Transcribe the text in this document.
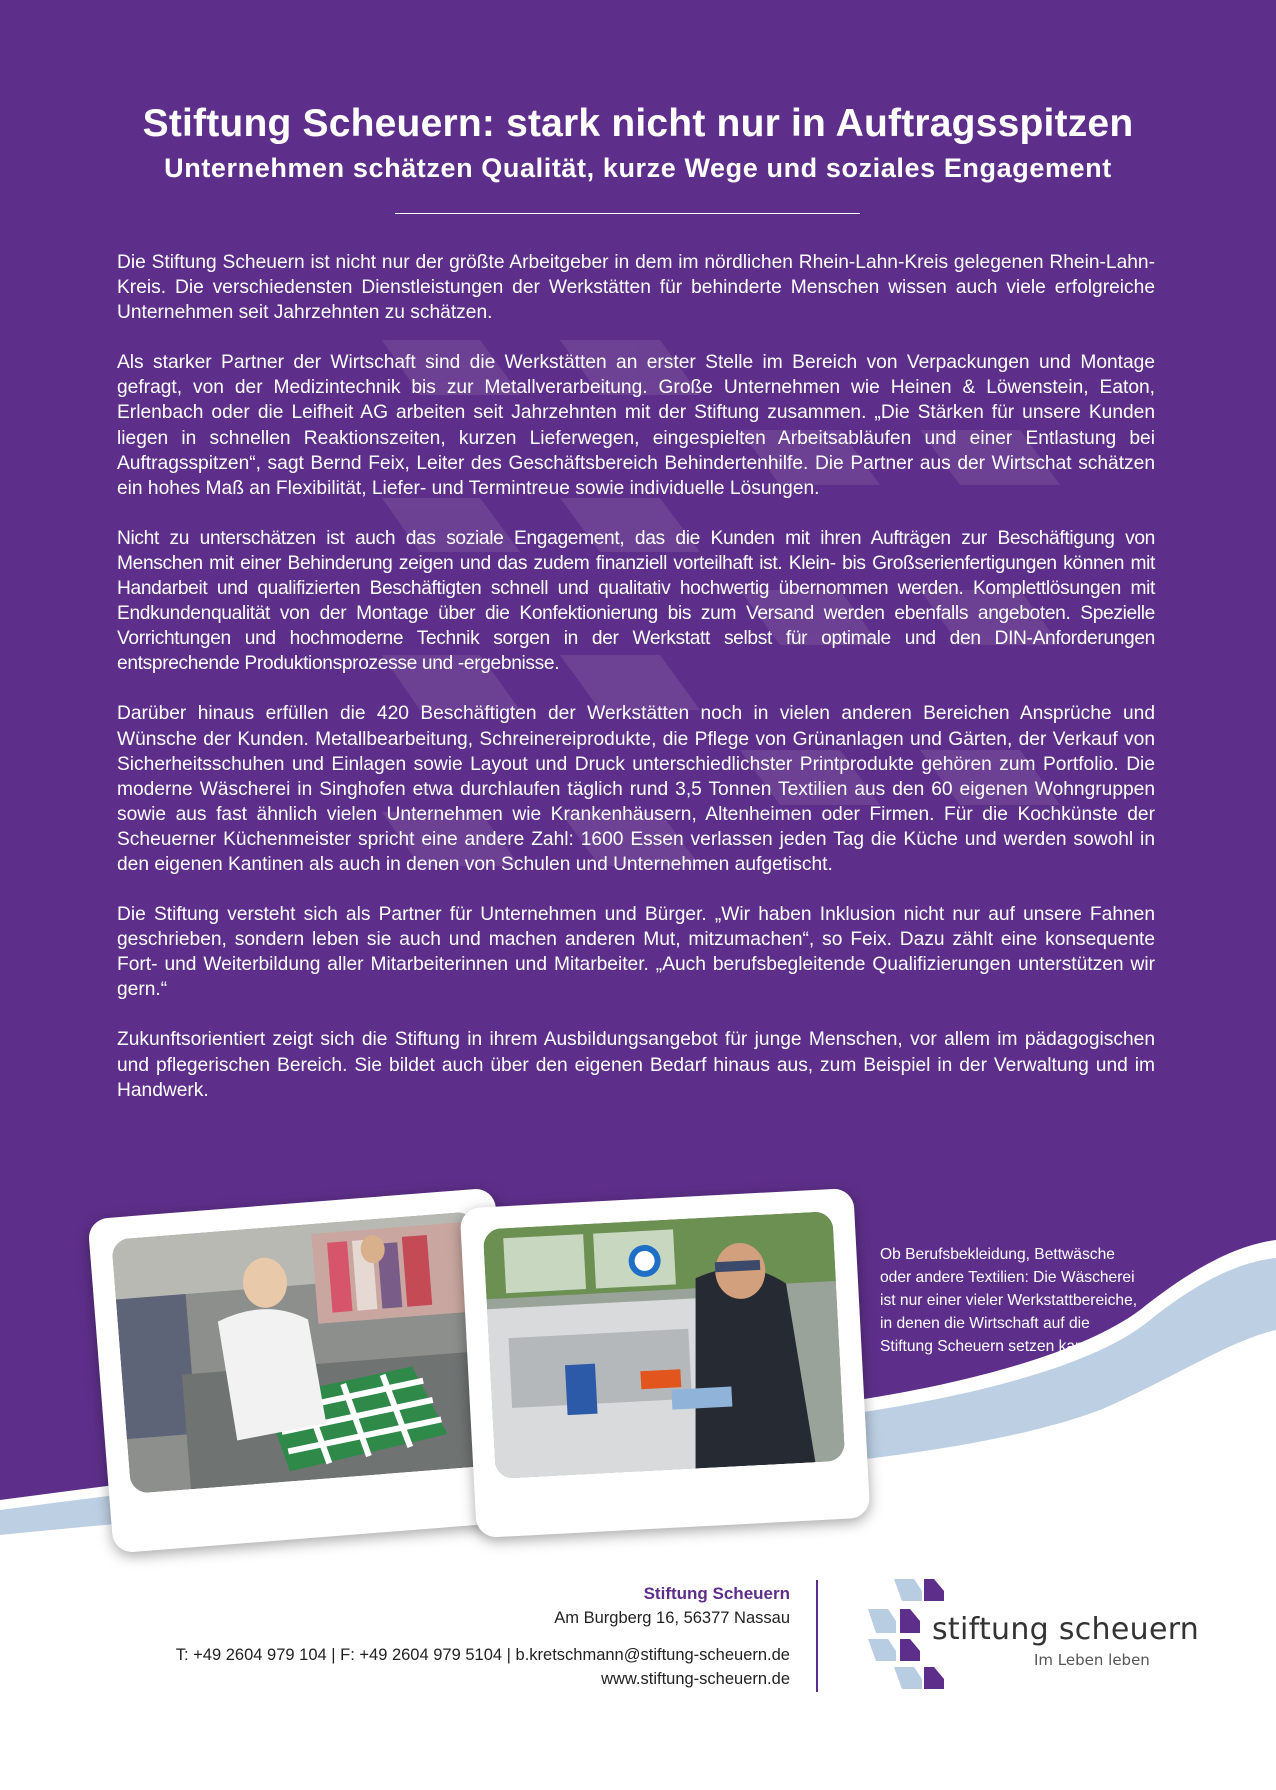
Stiftung Scheuern: stark nicht nur in Auftragsspitzen
Unternehmen schätzen Qualität, kurze Wege und soziales Engagement

Die Stiftung Scheuern ist nicht nur der größte Arbeitgeber in dem im nördlichen Rhein-Lahn-Kreis gelegenen Rhein-Lahn-Kreis. Die verschiedensten Dienstleistungen der Werkstätten für behinderte Menschen wissen auch viele erfolgreiche Unternehmen seit Jahrzehnten zu schätzen.

Als starker Partner der Wirtschaft sind die Werkstätten an erster Stelle im Bereich von Verpackungen und Montage gefragt, von der Medizintechnik bis zur Metallverarbeitung. Große Unternehmen wie Heinen & Löwenstein, Eaton, Erlenbach oder die Leifheit AG arbeiten seit Jahrzehnten mit der Stiftung zusammen. „Die Stärken für unsere Kunden liegen in schnellen Reaktionszeiten, kurzen Lieferwegen, eingespielten Arbeitsabläufen und einer Entlastung bei Auftragsspitzen“, sagt Bernd Feix, Leiter des Geschäftsbereich Behindertenhilfe. Die Partner aus der Wirtschat schätzen ein hohes Maß an Flexibilität, Liefer- und Termintreue sowie individuelle Lösungen.

Nicht zu unterschätzen ist auch das soziale Engagement, das die Kunden mit ihren Aufträgen zur Beschäftigung von Menschen mit einer Behinderung zeigen und das zudem finanziell vorteilhaft ist. Klein- bis Großserienfertigungen können mit Handarbeit und qualifizierten Beschäftigten schnell und qualitativ hochwertig übernommen werden. Komplettlösungen mit Endkundenqualität von der Montage über die Konfektionierung bis zum Versand werden ebenfalls angeboten. Spezielle Vorrichtungen und hochmoderne Technik sorgen in der Werkstatt selbst für optimale und den DIN-Anforderungen entsprechende Produktionsprozesse und -ergebnisse.

Darüber hinaus erfüllen die 420 Beschäftigten der Werkstätten noch in vielen anderen Bereichen Ansprüche und Wünsche der Kunden. Metallbearbeitung, Schreinereiprodukte, die Pflege von Grünanlagen und Gärten, der Verkauf von Sicherheitsschuhen und Einlagen sowie Layout und Druck unterschiedlichster Printprodukte gehören zum Portfolio. Die moderne Wäscherei in Singhofen etwa durchlaufen täglich rund 3,5 Tonnen Textilien aus den 60 eigenen Wohngruppen sowie aus fast ähnlich vielen Unternehmen wie Krankenhäusern, Altenheimen oder Firmen. Für die Kochkünste der Scheuerner Küchenmeister spricht eine andere Zahl: 1600 Essen verlassen jeden Tag die Küche und werden sowohl in den eigenen Kantinen als auch in denen von Schulen und Unternehmen aufgetischt.

Die Stiftung versteht sich als Partner für Unternehmen und Bürger. „Wir haben Inklusion nicht nur auf unsere Fahnen geschrieben, sondern leben sie auch und machen anderen Mut, mitzumachen“, so Feix. Dazu zählt eine konsequente Fort- und Weiterbildung aller Mitarbeiterinnen und Mitarbeiter. „Auch berufsbegleitende Qualifizierungen unterstützen wir gern.“

Zukunftsorientiert zeigt sich die Stiftung in ihrem Ausbildungsangebot für junge Menschen, vor allem im pädagogischen und pflegerischen Bereich. Sie bildet auch über den eigenen Bedarf hinaus aus, zum Beispiel in der Verwaltung und im Handwerk.

Ob Berufsbekleidung, Bettwäsche
oder andere Textilien: Die Wäscherei
ist nur einer vieler Werkstattbereiche,
in denen die Wirtschaft auf die
Stiftung Scheuern setzen kann.
Stiftung Scheuern
Am Burgberg 16, 56377 Nassau
T: +49 2604 979 104 | F: +49 2604 979 5104 | b.kretschmann@stiftung-scheuern.de
www.stiftung-scheuern.de
stiftung scheuern
Im Leben leben
